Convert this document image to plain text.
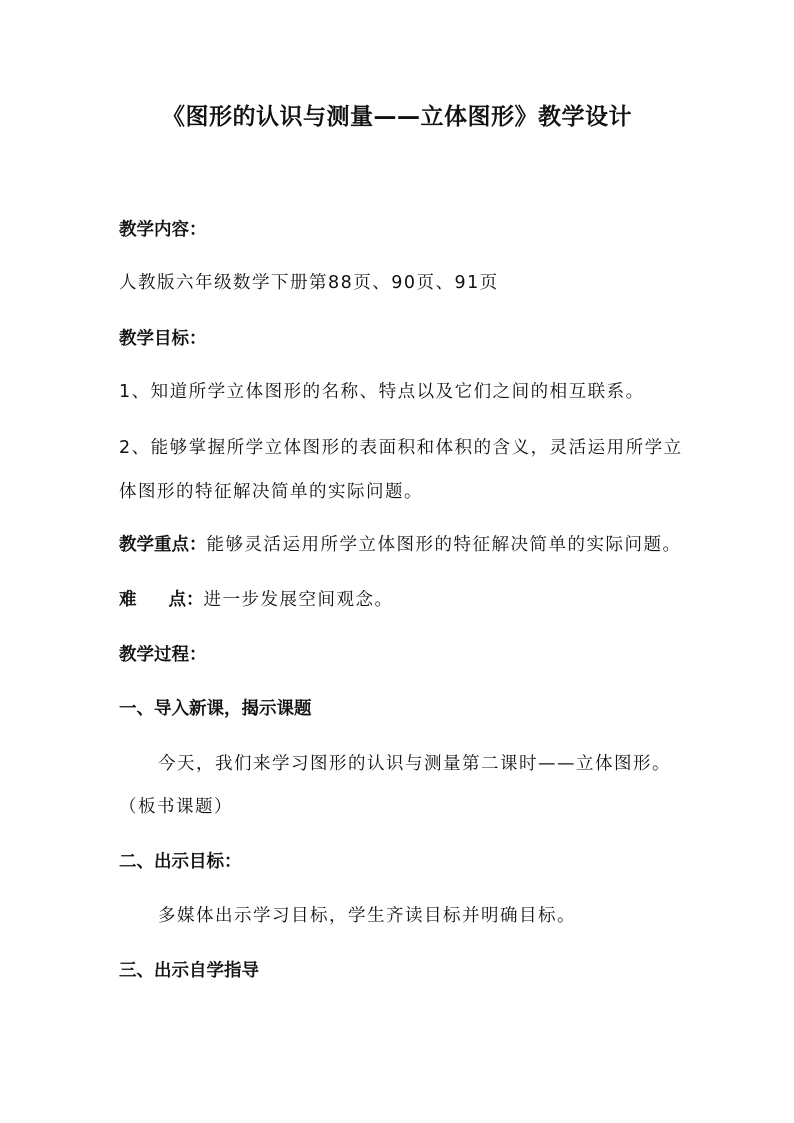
《图形的认识与测量——立体图形》教学设计
教学内容：
人教版六年级数学下册第88页、90页、91页
教学目标：
1、知道所学立体图形的名称、特点以及它们之间的相互联系。
2、能够掌握所学立体图形的表面积和体积的含义，灵活运用所学立
体图形的特征解决简单的实际问题。
教学重点：能够灵活运用所学立体图形的特征解决简单的实际问题。
难 点：进一步发展空间观念。
教学过程：
一、导入新课，揭示课题
今天，我们来学习图形的认识与测量第二课时——立体图形。
（板书课题）
二、出示目标：
多媒体出示学习目标，学生齐读目标并明确目标。
三、出示自学指导
